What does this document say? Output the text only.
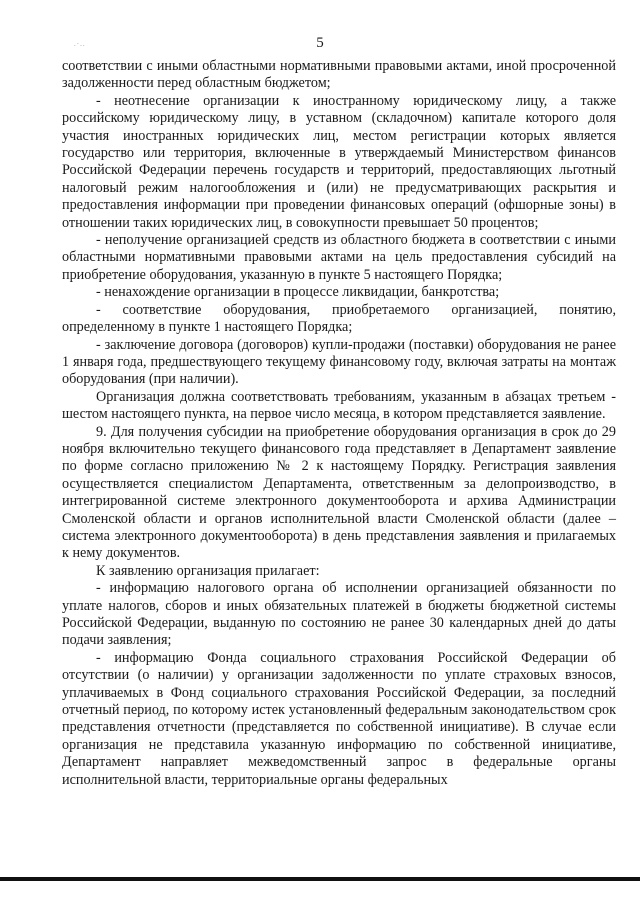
.·..	5

соответствии с иными областными нормативными правовыми актами, иной просроченной задолженности перед областным бюджетом;

- неотнесение организации к иностранному юридическому лицу, а также российскому юридическому лицу, в уставном (складочном) капитале которого доля участия иностранных юридических лиц, местом регистрации которых является государство или территория, включенные в утверждаемый Министерством финансов Российской Федерации перечень государств и территорий, предоставляющих льготный налоговый режим налогообложения и (или) не предусматривающих раскрытия и предоставления информации при проведении финансовых операций (офшорные зоны) в отношении таких юридических лиц, в совокупности превышает 50 процентов;

- неполучение организацией средств из областного бюджета в соответствии с иными областными нормативными правовыми актами на цель предоставления субсидий на приобретение оборудования, указанную в пункте 5 настоящего Порядка;

- ненахождение организации в процессе ликвидации, банкротства;

- соответствие оборудования, приобретаемого организацией, понятию, определенному в пункте 1 настоящего Порядка;

- заключение договора (договоров) купли-продажи (поставки) оборудования не ранее 1 января года, предшествующего текущему финансовому году, включая затраты на монтаж оборудования (при наличии).

Организация должна соответствовать требованиям, указанным в абзацах третьем - шестом настоящего пункта, на первое число месяца, в котором представляется заявление.

9. Для получения субсидии на приобретение оборудования организация в срок до 29 ноября включительно текущего финансового года представляет в Департамент заявление по форме согласно приложению № 2 к настоящему Порядку. Регистрация заявления осуществляется специалистом Департамента, ответственным за делопроизводство, в интегрированной системе электронного документооборота и архива Администрации Смоленской области и органов исполнительной власти Смоленской области (далее – система электронного документооборота) в день представления заявления и прилагаемых к нему документов.

К заявлению организация прилагает:

- информацию налогового органа об исполнении организацией обязанности по уплате налогов, сборов и иных обязательных платежей в бюджеты бюджетной системы Российской Федерации, выданную по состоянию не ранее 30 календарных дней до даты подачи заявления;

- информацию Фонда социального страхования Российской Федерации об отсутствии (о наличии) у организации задолженности по уплате страховых взносов, уплачиваемых в Фонд социального страхования Российской Федерации, за последний отчетный период, по которому истек установленный федеральным законодательством срок представления отчетности (представляется по собственной инициативе). В случае если организация не представила указанную информацию по собственной инициативе, Департамент направляет межведомственный запрос в федеральные органы исполнительной власти, территориальные органы федеральных
